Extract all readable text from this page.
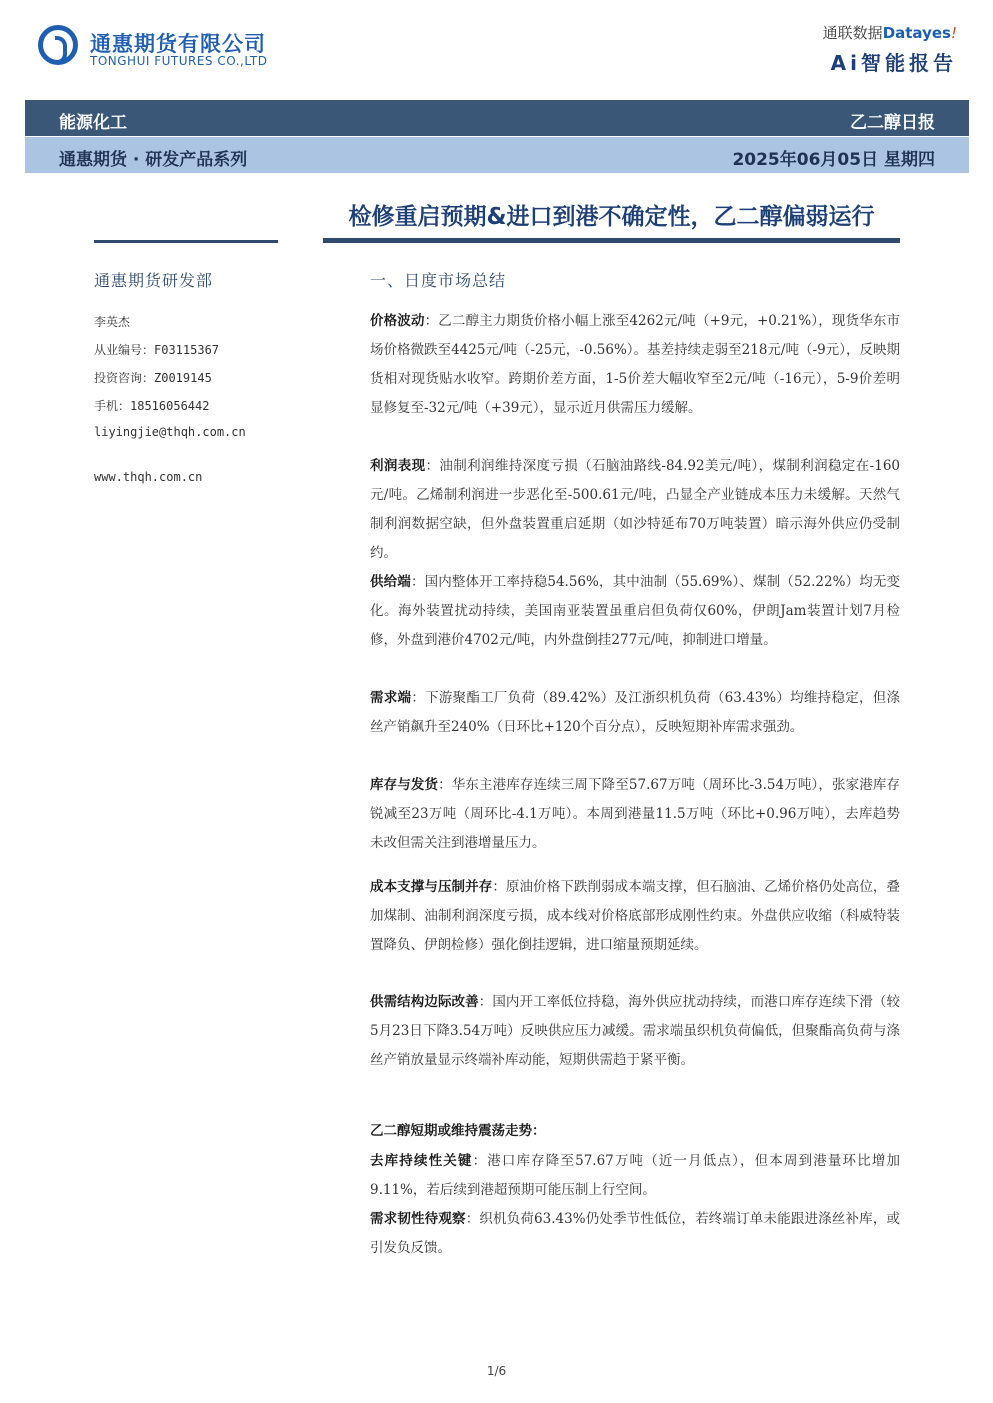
通惠期货有限公司
TONGHUI FUTURES CO.,LTD
通联数据Datayes!
Ai智能报告
能源化工	乙二醇日报
通惠期货 · 研发产品系列	2025年06月05日 星期四
检修重启预期&进口到港不确定性，乙二醇偏弱运行
通惠期货研发部
李英杰
从业编号：F03115367
投资咨询：Z0019145
手机：18516056442
liyingjie@thqh.com.cn
www.thqh.com.cn
一、日度市场总结
价格波动：乙二醇主力期货价格小幅上涨至4262元/吨（+9元，+0.21%），现货华东市场价格微跌至4425元/吨（-25元，-0.56%）。基差持续走弱至218元/吨（-9元），反映期货相对现货贴水收窄。跨期价差方面，1-5价差大幅收窄至2元/吨（-16元），5-9价差明显修复至-32元/吨（+39元），显示近月供需压力缓解。
利润表现：油制利润维持深度亏损（石脑油路线-84.92美元/吨），煤制利润稳定在-160元/吨。乙烯制利润进一步恶化至-500.61元/吨，凸显全产业链成本压力未缓解。天然气制利润数据空缺，但外盘装置重启延期（如沙特延布70万吨装置）暗示海外供应仍受制约。
供给端：国内整体开工率持稳54.56%，其中油制（55.69%）、煤制（52.22%）均无变化。海外装置扰动持续，美国南亚装置虽重启但负荷仅60%，伊朗Jam装置计划7月检修，外盘到港价4702元/吨，内外盘倒挂277元/吨，抑制进口增量。
需求端：下游聚酯工厂负荷（89.42%）及江浙织机负荷（63.43%）均维持稳定，但涤丝产销飙升至240%（日环比+120个百分点），反映短期补库需求强劲。
库存与发货：华东主港库存连续三周下降至57.67万吨（周环比-3.54万吨），张家港库存锐减至23万吨（周环比-4.1万吨）。本周到港量11.5万吨（环比+0.96万吨），去库趋势未改但需关注到港增量压力。
成本支撑与压制并存：原油价格下跌削弱成本端支撑，但石脑油、乙烯价格仍处高位，叠加煤制、油制利润深度亏损，成本线对价格底部形成刚性约束。外盘供应收缩（科威特装置降负、伊朗检修）强化倒挂逻辑，进口缩量预期延续。
供需结构边际改善：国内开工率低位持稳，海外供应扰动持续，而港口库存连续下滑（较5月23日下降3.54万吨）反映供应压力减缓。需求端虽织机负荷偏低，但聚酯高负荷与涤丝产销放量显示终端补库动能，短期供需趋于紧平衡。
乙二醇短期或维持震荡走势：
去库持续性关键：港口库存降至57.67万吨（近一月低点），但本周到港量环比增加9.11%，若后续到港超预期可能压制上行空间。
需求韧性待观察：织机负荷63.43%仍处季节性低位，若终端订单未能跟进涤丝补库，或引发负反馈。
1/6
